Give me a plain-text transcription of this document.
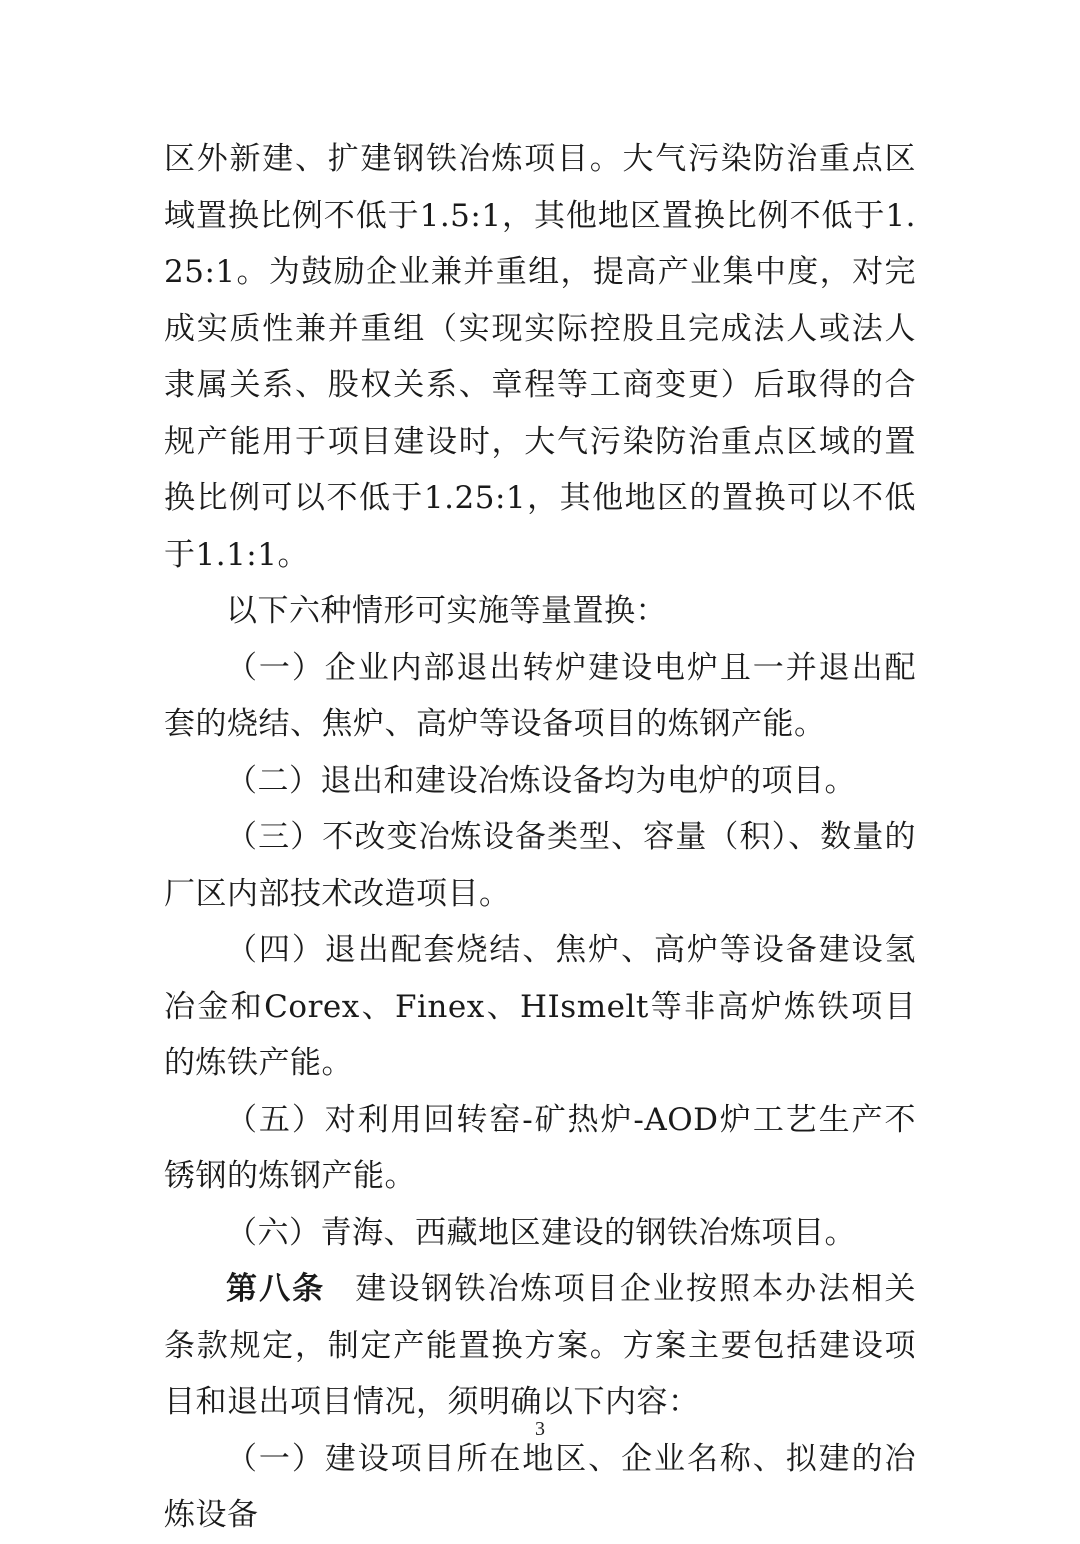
区外新建、扩建钢铁冶炼项目。大气污染防治重点区域置换比例不低于1.5:1，其他地区置换比例不低于1.25:1。为鼓励企业兼并重组，提高产业集中度，对完成实质性兼并重组（实现实际控股且完成法人或法人隶属关系、股权关系、章程等工商变更）后取得的合规产能用于项目建设时，大气污染防治重点区域的置换比例可以不低于1.25:1，其他地区的置换可以不低于1.1:1。

以下六种情形可实施等量置换：

（一）企业内部退出转炉建设电炉且一并退出配套的烧结、焦炉、高炉等设备项目的炼钢产能。

（二）退出和建设冶炼设备均为电炉的项目。

（三）不改变冶炼设备类型、容量（积）、数量的厂区内部技术改造项目。

（四）退出配套烧结、焦炉、高炉等设备建设氢冶金和Corex、Finex、HIsmelt等非高炉炼铁项目的炼铁产能。

（五）对利用回转窑-矿热炉-AOD炉工艺生产不锈钢的炼钢产能。

（六）青海、西藏地区建设的钢铁冶炼项目。

第八条 建设钢铁冶炼项目企业按照本办法相关条款规定，制定产能置换方案。方案主要包括建设项目和退出项目情况，须明确以下内容：

（一）建设项目所在地区、企业名称、拟建的冶炼设备

3
